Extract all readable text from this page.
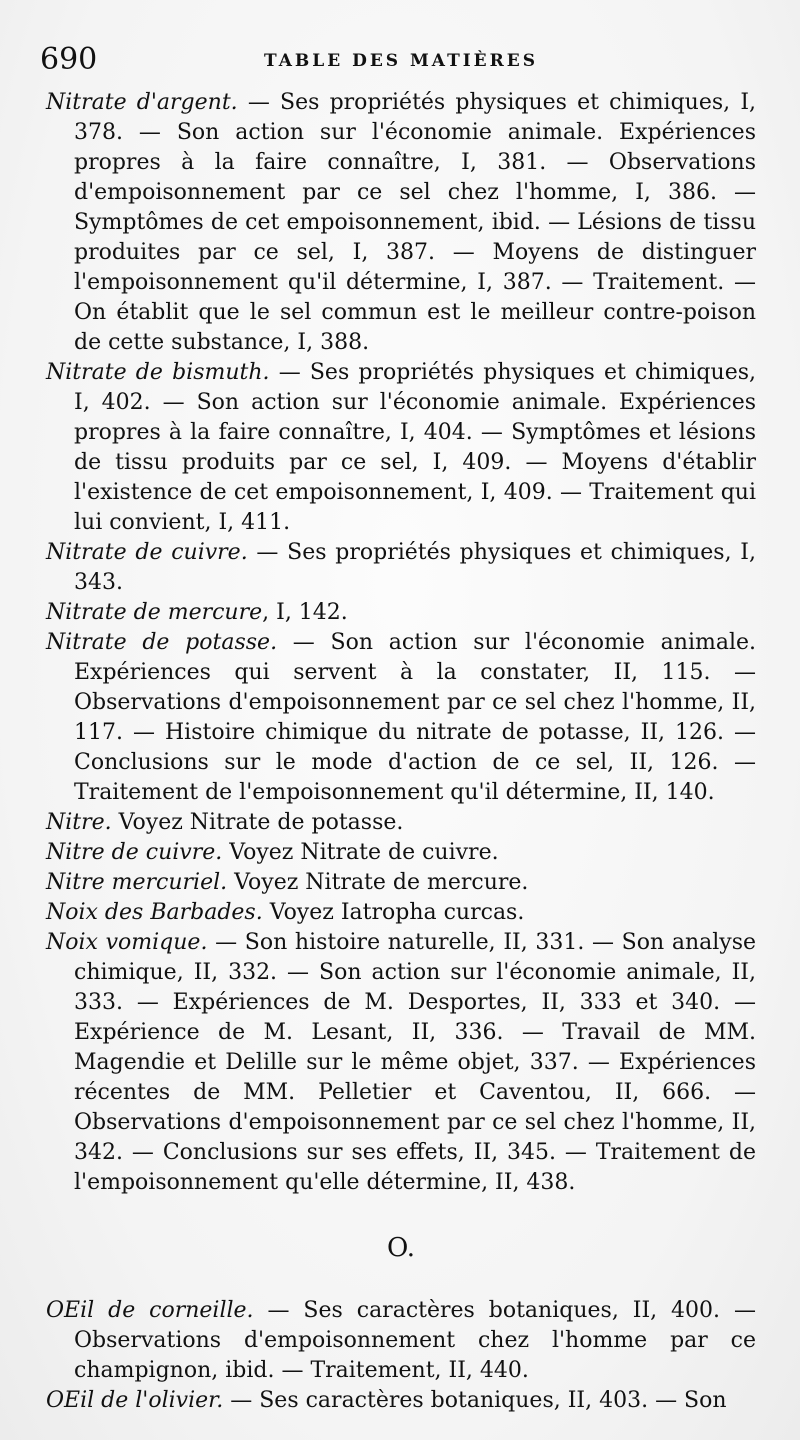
690	TABLE DES MATIÈRES

Nitrate d'argent. — Ses propriétés physiques et chimiques, I, 378. — Son action sur l'économie animale. Expériences propres à la faire connaître, I, 381. — Observations d'empoisonnement par ce sel chez l'homme, I, 386. — Symptômes de cet empoisonnement, ibid. — Lésions de tissu produites par ce sel, I, 387. — Moyens de distinguer l'empoisonnement qu'il détermine, I, 387. — Traitement. — On établit que le sel commun est le meilleur contre-poison de cette substance, I, 388.

Nitrate de bismuth. — Ses propriétés physiques et chimiques, I, 402. — Son action sur l'économie animale. Expériences propres à la faire connaître, I, 404. — Symptômes et lésions de tissu produits par ce sel, I, 409. — Moyens d'établir l'existence de cet empoisonnement, I, 409. — Traitement qui lui convient, I, 411.

Nitrate de cuivre. — Ses propriétés physiques et chimiques, I, 343.

Nitrate de mercure, I, 142.

Nitrate de potasse. — Son action sur l'économie animale. Expériences qui servent à la constater, II, 115. — Observations d'empoisonnement par ce sel chez l'homme, II, 117. — Histoire chimique du nitrate de potasse, II, 126. — Conclusions sur le mode d'action de ce sel, II, 126. — Traitement de l'empoisonnement qu'il détermine, II, 140.

Nitre. Voyez Nitrate de potasse.

Nitre de cuivre. Voyez Nitrate de cuivre.

Nitre mercuriel. Voyez Nitrate de mercure.

Noix des Barbades. Voyez Iatropha curcas.

Noix vomique. — Son histoire naturelle, II, 331. — Son analyse chimique, II, 332. — Son action sur l'économie animale, II, 333. — Expériences de M. Desportes, II, 333 et 340. — Expérience de M. Lesant, II, 336. — Travail de MM. Magendie et Delille sur le même objet, 337. — Expériences récentes de MM. Pelletier et Caventou, II, 666. — Observations d'empoisonnement par ce sel chez l'homme, II, 342. — Conclusions sur ses effets, II, 345. — Traitement de l'empoisonnement qu'elle détermine, II, 438.

O.

OEil de corneille. — Ses caractères botaniques, II, 400. — Observations d'empoisonnement chez l'homme par ce champignon, ibid. — Traitement, II, 440.

OEil de l'olivier. — Ses caractères botaniques, II, 403. — Son
